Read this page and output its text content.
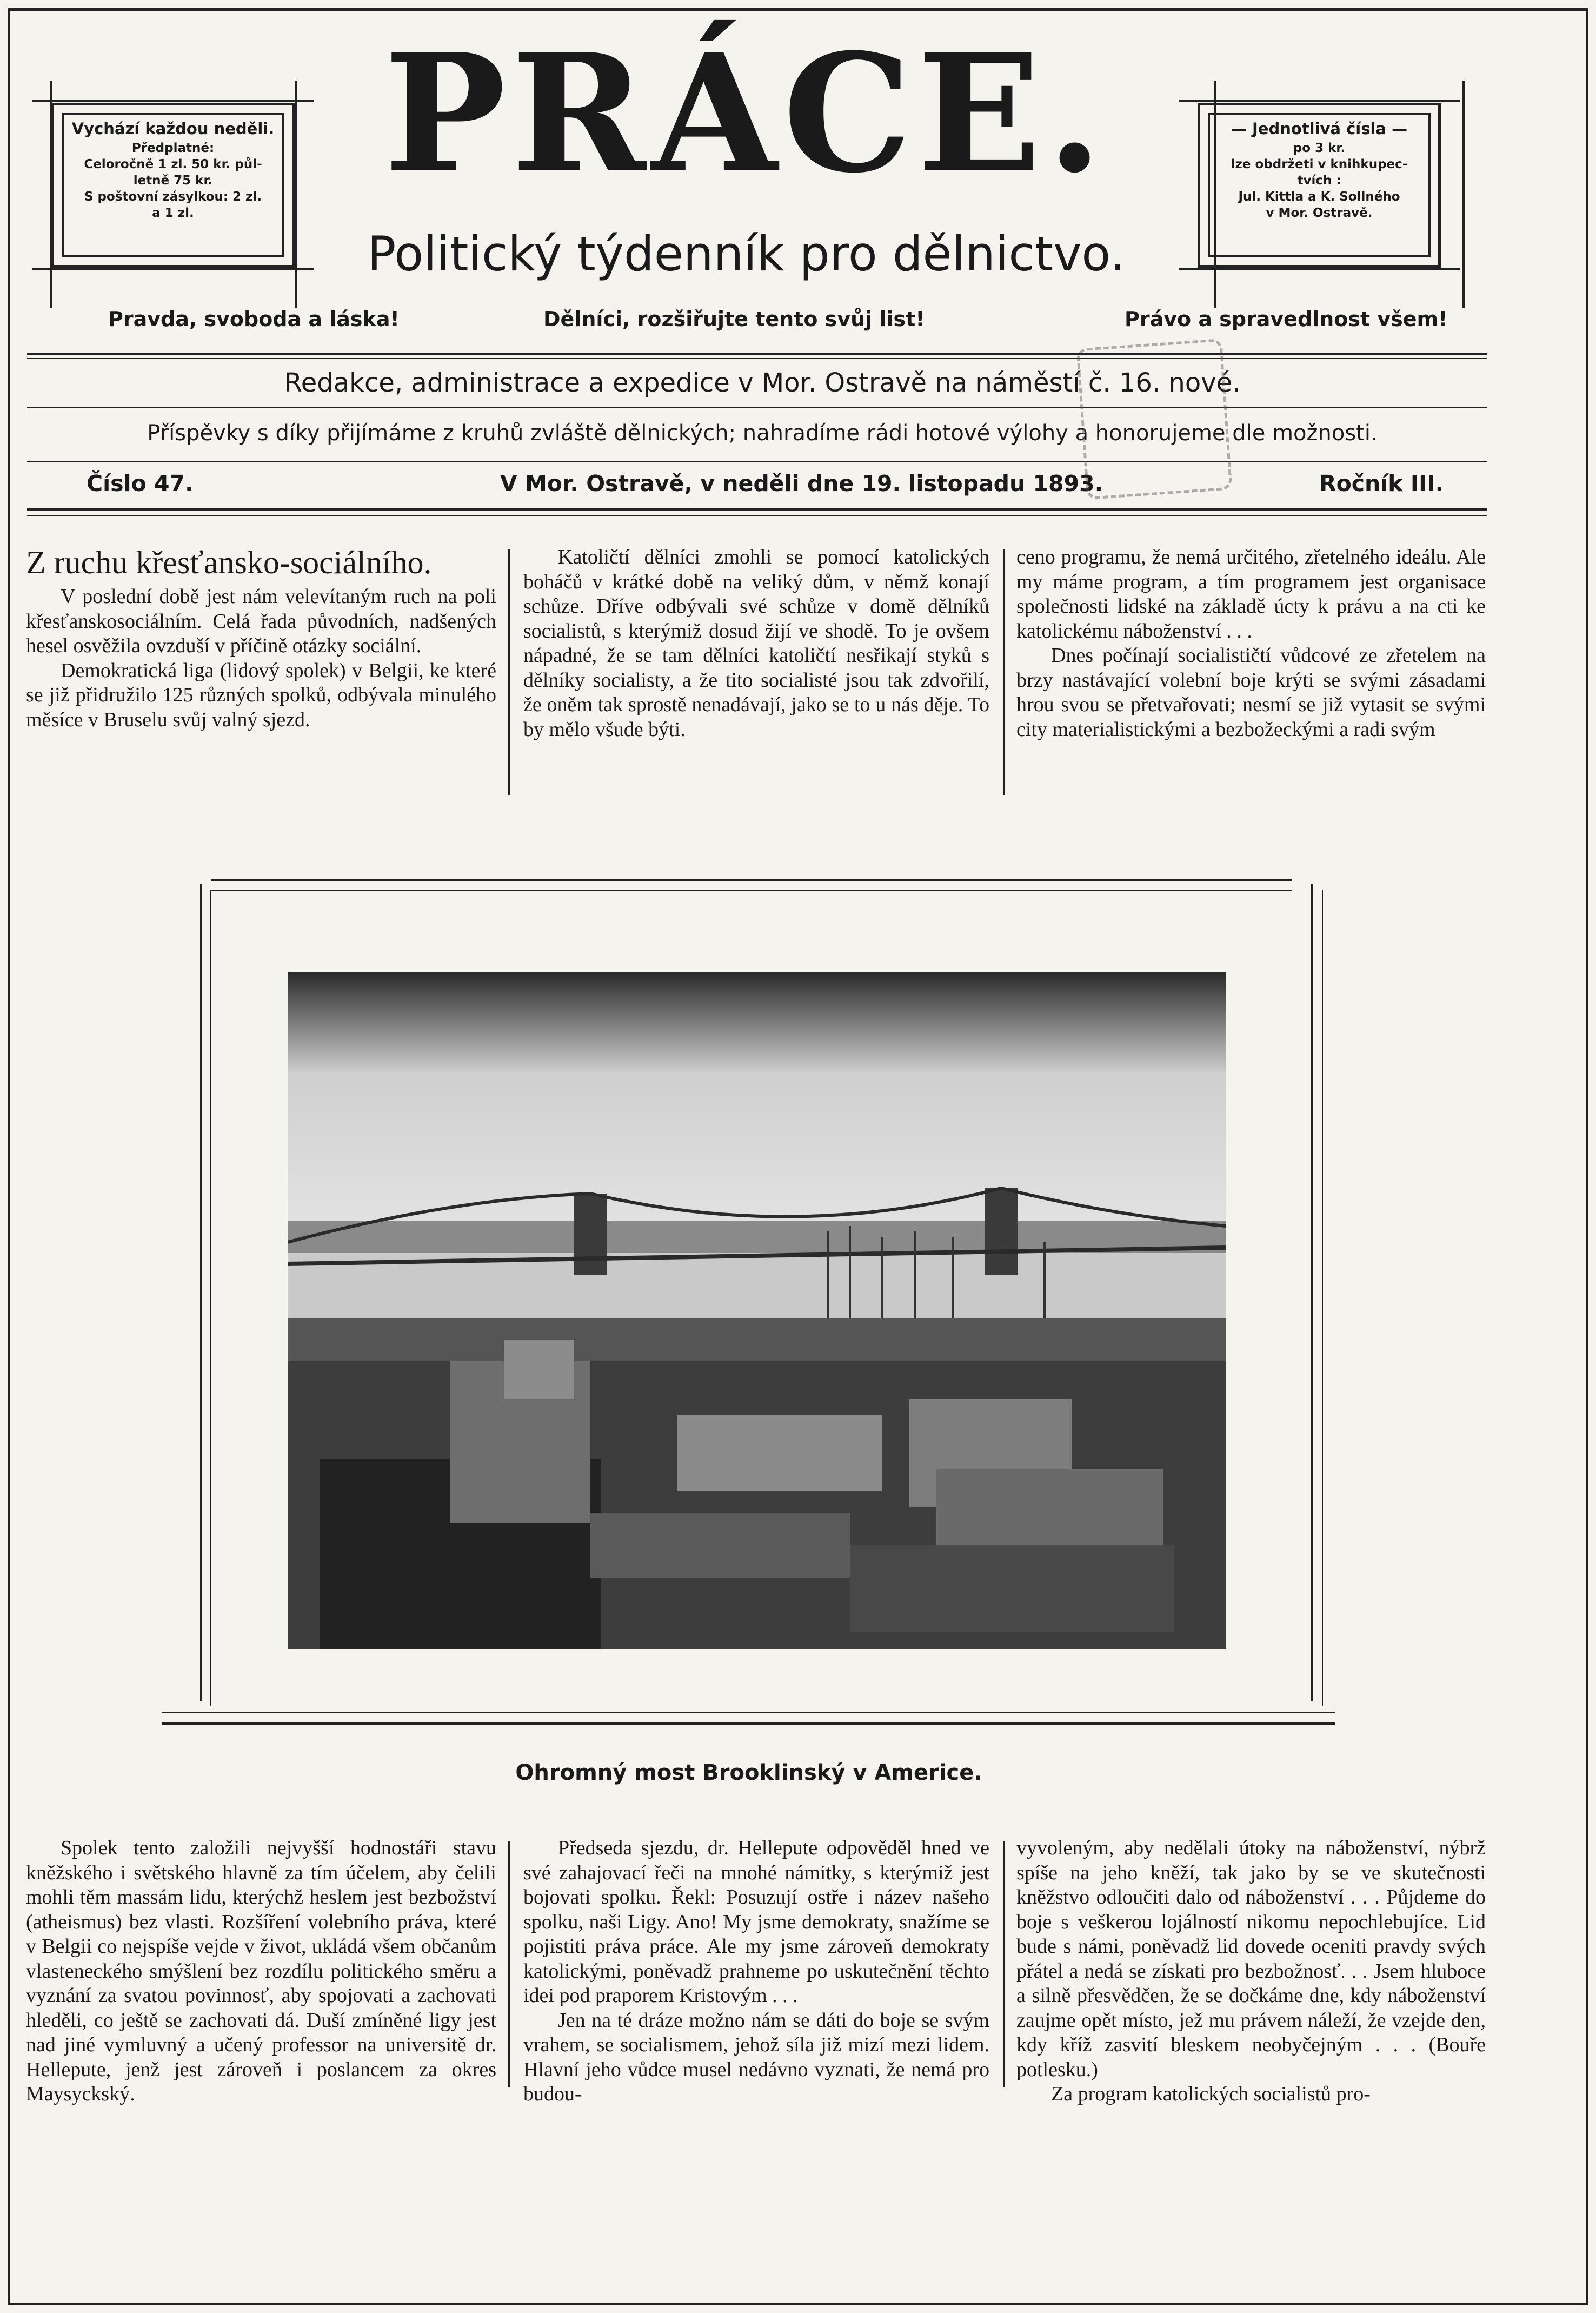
Vychází každou neděli.
Předplatné:
Celoročně 1 zl. 50 kr. půl-
letně 75 kr.
S poštovní zásylkou: 2 zl.
a 1 zl.
— Jednotlivá čísla —
po 3 kr.
lze obdržeti v knihkupec-
tvích :
Jul. Kittla a K. Sollného
v Mor. Ostravě.
PRÁCE.
Politický týdenník pro dělnictvo.
Pravda, svoboda a láska!	Dělníci, rozšiřujte tento svůj list!	Právo a spravedlnost všem!
Redakce, administrace a expedice v Mor. Ostravě na náměstí č. 16. nové.
Příspěvky s díky přijímáme z kruhů zvláště dělnických; nahradíme rádi hotové výlohy a honorujeme dle možnosti.
Číslo 47.	V Mor. Ostravě, v neděli dne 19. listopadu 1893.	Ročník III.
Z ruchu křesťansko-sociálního.

V poslední době jest nám velevítaným ruch na poli křesťanskosociálním. Celá řada původních, nadšených hesel osvěžila ovzduší v příčině otázky sociální.

Demokratická liga (lidový spolek) v Belgii, ke které se již přidružilo 125 různých spolků, odbývala minulého měsíce v Bruselu svůj valný sjezd.

Katoličtí dělníci zmohli se pomocí katolických boháčů v krátké době na veliký dům, v němž konají schůze. Dříve odbývali své schůze v domě dělníků socialistů, s kterýmiž dosud žijí ve shodě. To je ovšem nápadné, že se tam dělníci katoličtí nesřikají styků s dělníky socialisty, a že tito socialisté jsou tak zdvořilí, že oněm tak sprostě nenadávají, jako se to u nás děje. To by mělo všude býti.

ceno programu, že nemá určitého, zřetelného ideálu. Ale my máme program, a tím programem jest organisace společnosti lidské na základě úcty k právu a na cti ke katolickému náboženství . . .

Dnes počínají socialističtí vůdcové ze zřetelem na brzy nastávající volební boje krýti se svými zásadami hrou svou se přetvařovati; nesmí se již vytasit se svými city materialistickými a bezbožeckými a radi svým

Ohromný most Brooklinský v Americe.

Spolek tento založili nejvyšší hodnostáři stavu kněžského i světského hlavně za tím účelem, aby čelili mohli těm massám lidu, kterýchž heslem jest bezbožství (atheismus) bez vlasti. Rozšíření volebního práva, které v Belgii co nejspíše vejde v život, ukládá všem občanům vlasteneckého smýšlení bez rozdílu politického směru a vyznání za svatou povinnosť, aby spojovati a zachovati hleděli, co ještě se zachovati dá. Duší zmíněné ligy jest nad jiné vymluvný a učený professor na universitě dr. Hellepute, jenž jest zároveň i poslancem za okres Maysyckský.

Předseda sjezdu, dr. Hellepute odpověděl hned ve své zahajovací řeči na mnohé námitky, s kterýmiž jest bojovati spolku. Řekl: Posuzují ostře i název našeho spolku, naši Ligy. Ano! My jsme demokraty, snažíme se pojistiti práva práce. Ale my jsme zároveň demokraty katolickými, poněvadž prahneme po uskutečnění těchto idei pod praporem Kristovým . . .

Jen na té dráze možno nám se dáti do boje se svým vrahem, se socialismem, jehož síla již mizí mezi lidem. Hlavní jeho vůdce musel nedávno vyznati, že nemá pro budou-

vyvoleným, aby nedělali útoky na náboženství, nýbrž spíše na jeho kněží, tak jako by se ve skutečnosti kněžstvo odloučiti dalo od náboženství . . . Půjdeme do boje s veškerou lojálností nikomu nepochlebujíce. Lid bude s námi, poněvadž lid dovede oceniti pravdy svých přátel a nedá se získati pro bezbožnosť. . . Jsem hluboce a silně přesvědčen, že se dočkáme dne, kdy náboženství zaujme opět místo, jež mu právem náleží, že vzejde den, kdy kříž zasvití bleskem neobyčejným . . . (Bouře potlesku.)

Za program katolických socialistů pro-
